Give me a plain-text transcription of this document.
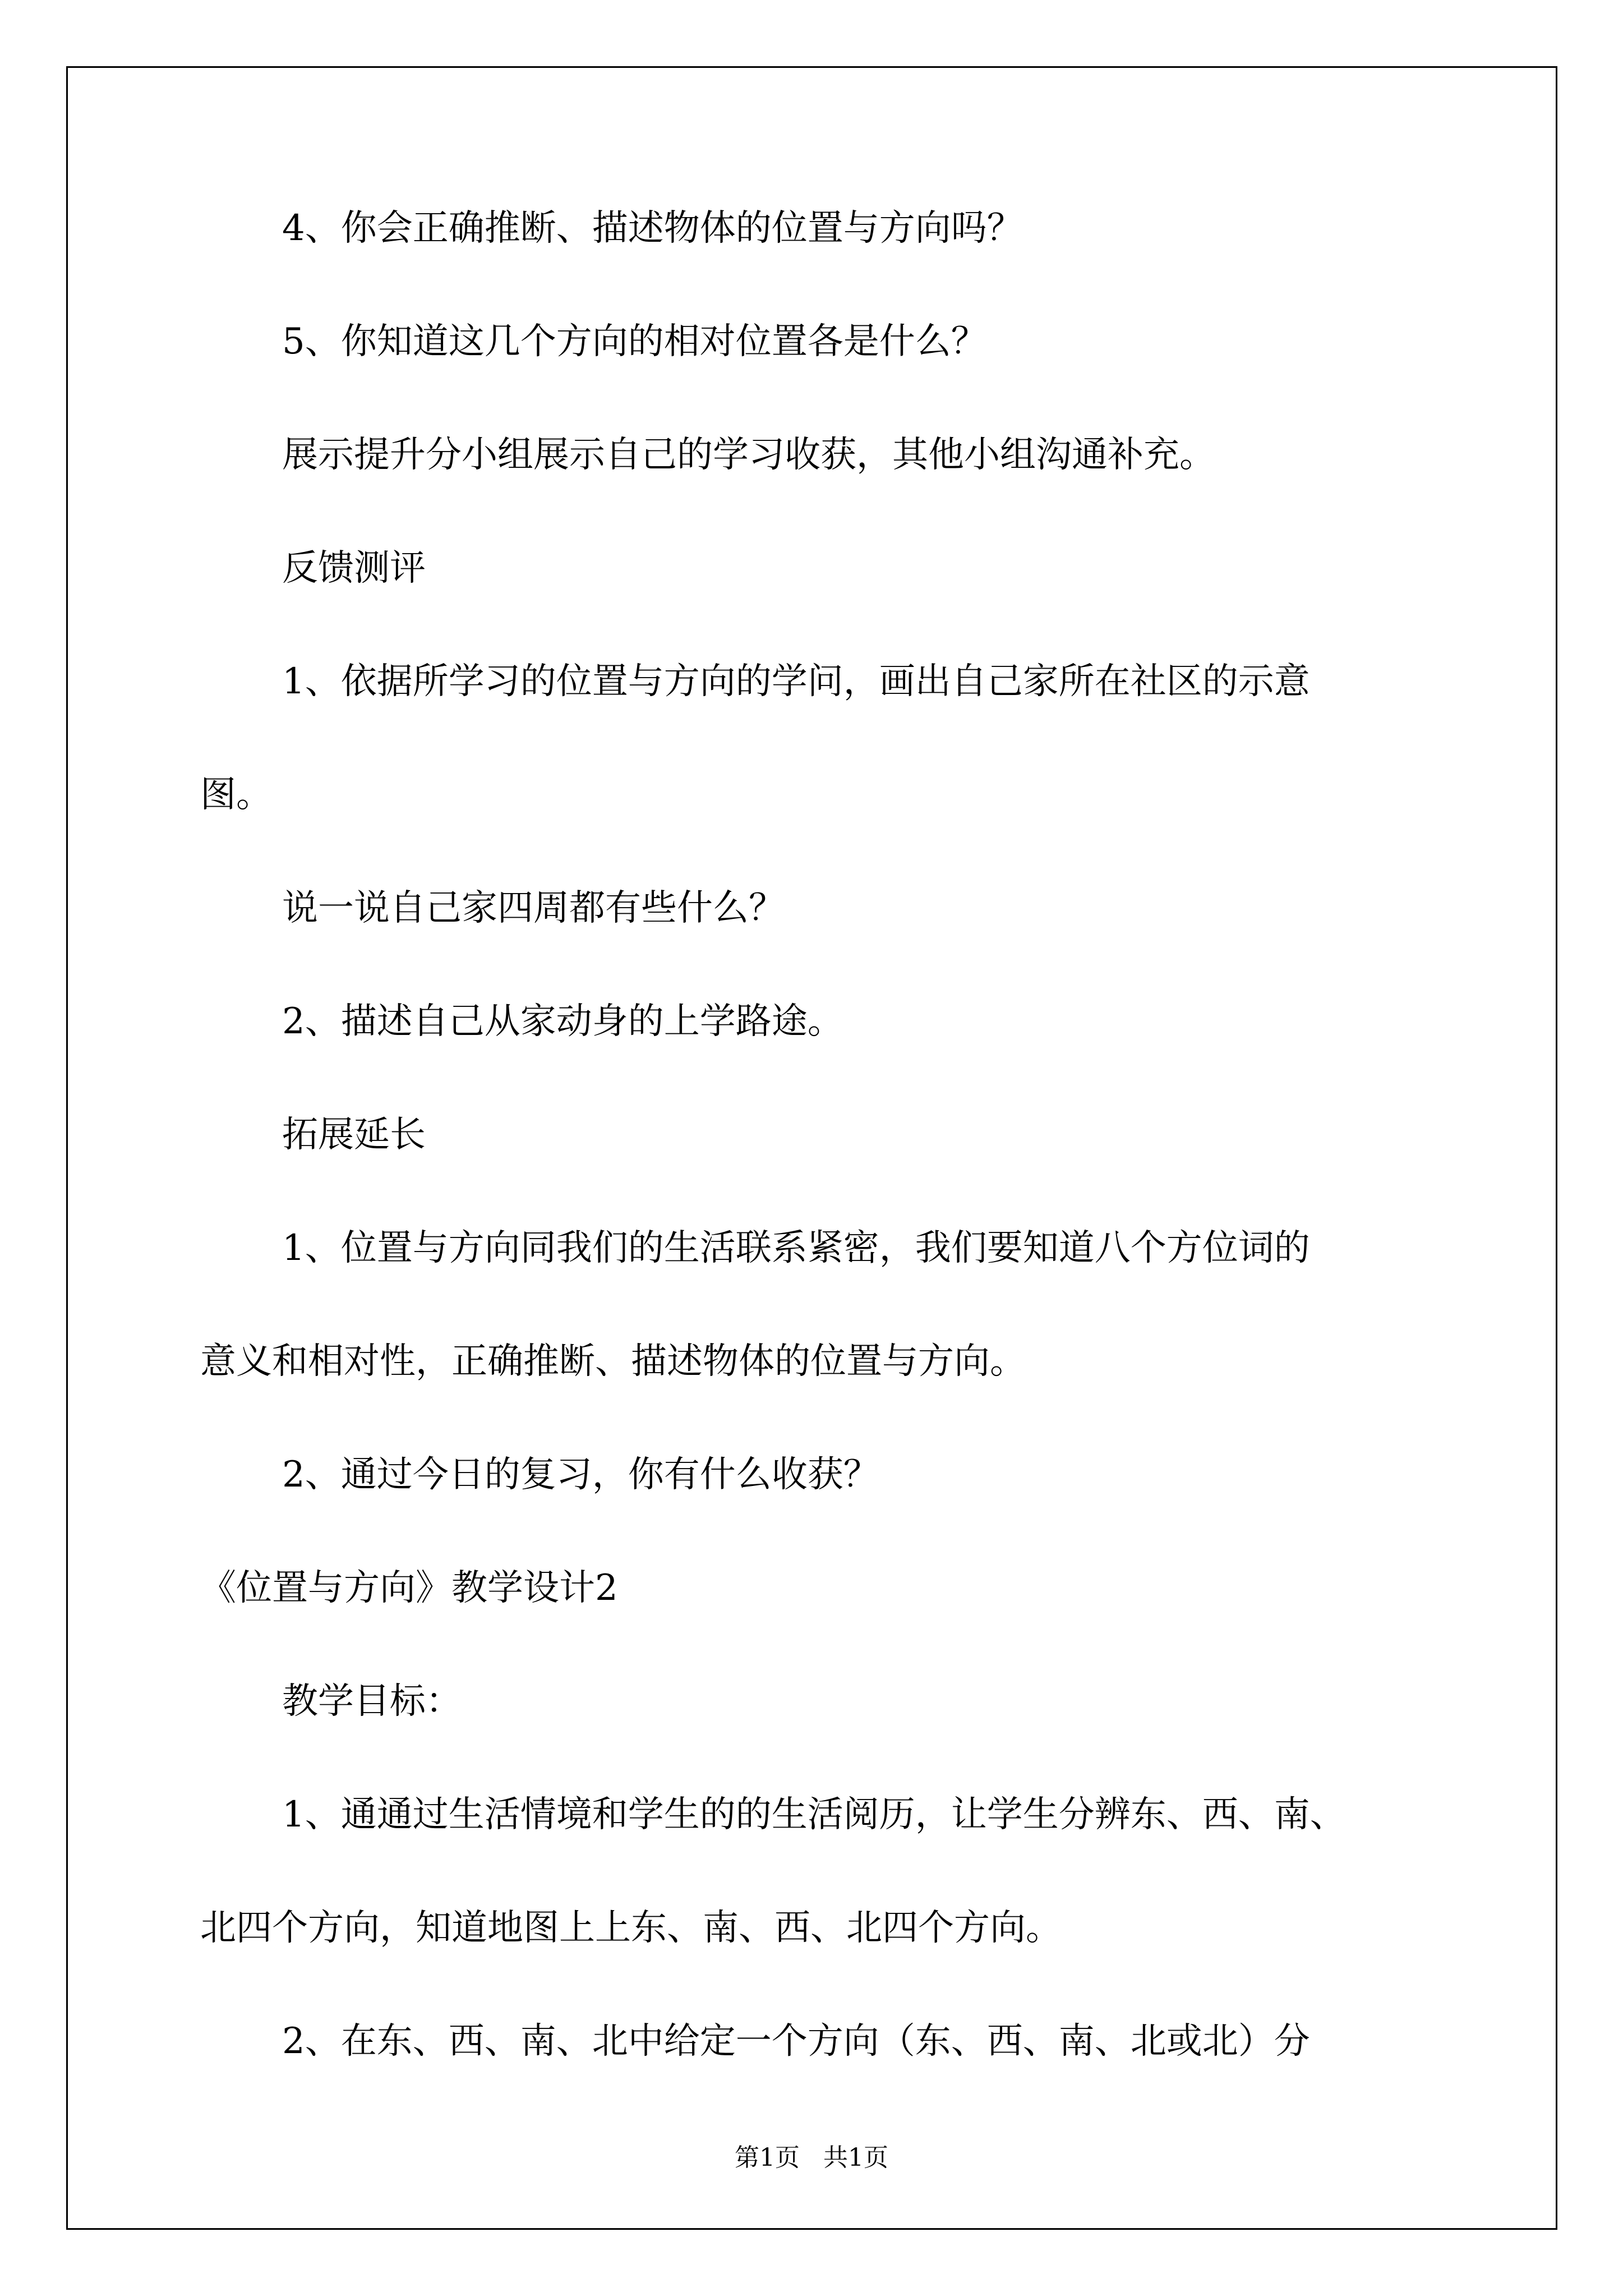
4、你会正确推断、描述物体的位置与方向吗？
5、你知道这几个方向的相对位置各是什么？
展示提升分小组展示自己的学习收获，其他小组沟通补充。
反馈测评
1、依据所学习的位置与方向的学问，画出自己家所在社区的示意
图。
说一说自己家四周都有些什么？
2、描述自己从家动身的上学路途。
拓展延长
1、位置与方向同我们的生活联系紧密，我们要知道八个方位词的
意义和相对性，正确推断、描述物体的位置与方向。
2、通过今日的复习，你有什么收获？
《位置与方向》教学设计2
教学目标：
1、通通过生活情境和学生的的生活阅历，让学生分辨东、西、南、
北四个方向，知道地图上上东、南、西、北四个方向。
2、在东、西、南、北中给定一个方向（东、西、南、北或北）分
第1页   共1页
